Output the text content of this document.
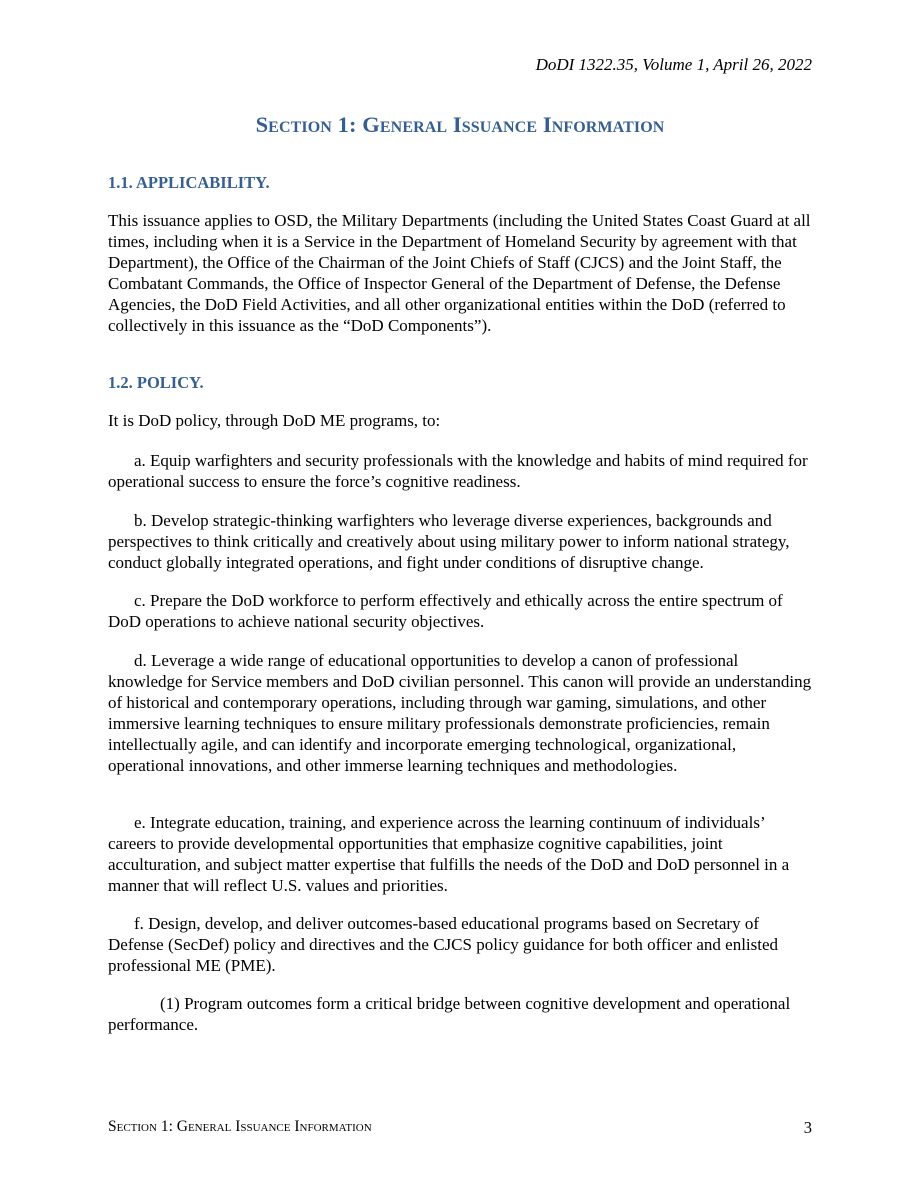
DoDI 1322.35, Volume 1, April 26, 2022
Section 1: General Issuance Information
1.1. APPLICABILITY.

This issuance applies to OSD, the Military Departments (including the United States Coast Guard at all times, including when it is a Service in the Department of Homeland Security by agreement with that Department), the Office of the Chairman of the Joint Chiefs of Staff (CJCS) and the Joint Staff, the Combatant Commands, the Office of Inspector General of the Department of Defense, the Defense Agencies, the DoD Field Activities, and all other organizational entities within the DoD (referred to collectively in this issuance as the “DoD Components”).

1.2. POLICY.

It is DoD policy, through DoD ME programs, to:

a. Equip warfighters and security professionals with the knowledge and habits of mind required for operational success to ensure the force’s cognitive readiness.

b. Develop strategic-thinking warfighters who leverage diverse experiences, backgrounds and perspectives to think critically and creatively about using military power to inform national strategy, conduct globally integrated operations, and fight under conditions of disruptive change.

c. Prepare the DoD workforce to perform effectively and ethically across the entire spectrum of DoD operations to achieve national security objectives.

d. Leverage a wide range of educational opportunities to develop a canon of professional knowledge for Service members and DoD civilian personnel. This canon will provide an understanding of historical and contemporary operations, including through war gaming, simulations, and other immersive learning techniques to ensure military professionals demonstrate proficiencies, remain intellectually agile, and can identify and incorporate emerging technological, organizational, operational innovations, and other immerse learning techniques and methodologies.

e. Integrate education, training, and experience across the learning continuum of individuals’ careers to provide developmental opportunities that emphasize cognitive capabilities, joint acculturation, and subject matter expertise that fulfills the needs of the DoD and DoD personnel in a manner that will reflect U.S. values and priorities.

f. Design, develop, and deliver outcomes-based educational programs based on Secretary of Defense (SecDef) policy and directives and the CJCS policy guidance for both officer and enlisted professional ME (PME).

(1) Program outcomes form a critical bridge between cognitive development and operational performance.

Section 1: General Issuance Information	3
